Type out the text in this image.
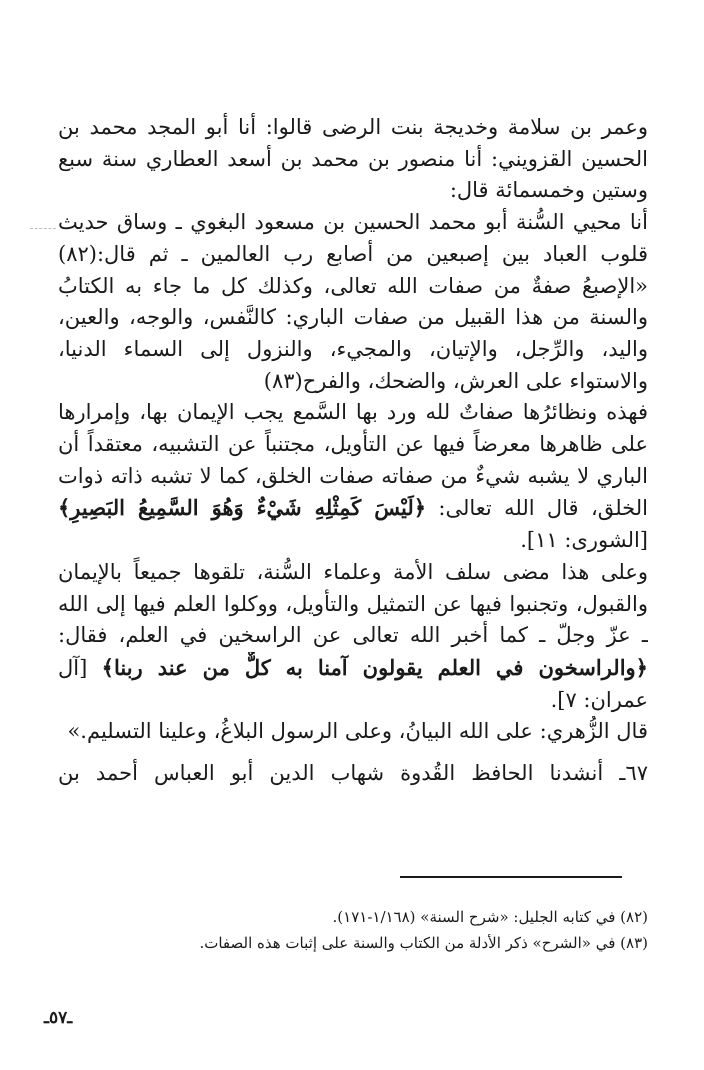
وعمر بن سلامة وخديجة بنت الرضى قالوا: أنا أبو المجد محمد بن
الحسين القزويني: أنا منصور بن محمد بن أسعد العطاري سنة سبع
وستين وخمسمائة قال:
أنا محيي السُّنة أبو محمد الحسين بن مسعود البغوي ـ وساق حديث
قلوب العباد بين إصبعين من أصابع رب العالمين ـ ثم قال:(٨٢)
«الإصبعُ صفةٌ من صفات الله تعالى، وكذلك كل ما جاء به الكتابُ
والسنة من هذا القبيل من صفات الباري: كالنَّفس، والوجه، والعين،
واليد، والرِّجل، والإتيان، والمجيء، والنزول إلى السماء الدنيا،
والاستواء على العرش، والضحك، والفرح(٨٣)
فهذه ونظائرُها صفاتٌ لله ورد بها السَّمع يجب الإيمان بها، وإمرارها
على ظاهرها معرضاً فيها عن التأويل، مجتنباً عن التشبيه، معتقداً أن
الباري لا يشبه شيءٌ من صفاته صفات الخلق، كما لا تشبه ذاته ذوات
الخلق، قال الله تعالى: ﴿لَيْسَ كَمِثْلِهِ شَيْءٌ وَهُوَ السَّمِيعُ البَصِيرِ﴾
[الشورى: ١١].
وعلى هذا مضى سلف الأمة وعلماء السُّنة، تلقوها جميعاً بالإيمان
والقبول، وتجنبوا فيها عن التمثيل والتأويل، ووكلوا العلم فيها إلى الله
ـ عزّ وجلّ ـ كما أخبر الله تعالى عن الراسخين في العلم، فقال:
﴿والراسخون في العلم يقولون آمنا به كلٌّ من عند ربنا﴾ [آل
عمران: ٧].
قال الزُّهري: على الله البيانُ، وعلى الرسول البلاغُ، وعلينا التسليم.»
٦٧ـ أنشدنا الحافظ القُدوة شهاب الدين أبو العباس أحمد بن
(٨٢) في كتابه الجليل: «شرح السنة» (١/١٦٨-١٧١).
(٨٣) في «الشرح» ذكر الأدلة من الكتاب والسنة على إثبات هذه الصفات.
ـ٥٧ـ
